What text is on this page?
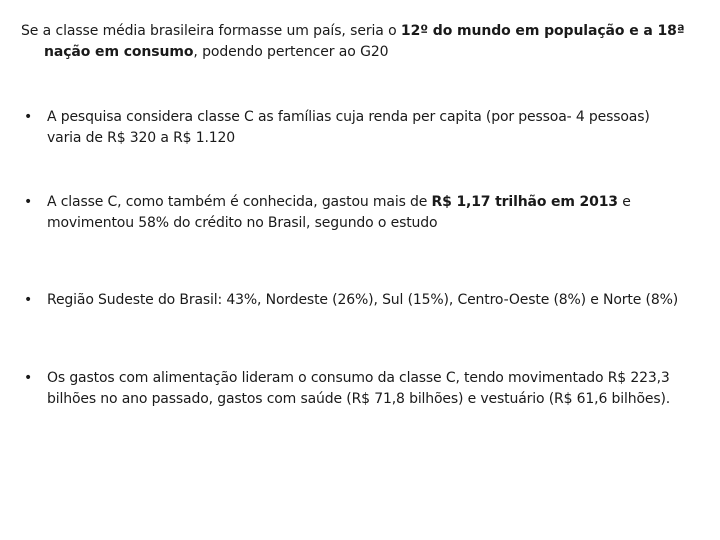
Se a classe média brasileira formasse um país, seria o 12º do mundo em população e a 18ª
nação em consumo, podendo pertencer ao G20
•	A pesquisa considera classe C as famílias cuja renda per capita (por pessoa- 4 pessoas)
varia de R$ 320 a R$ 1.120
•	A classe C, como também é conhecida, gastou mais de R$ 1,17 trilhão em 2013 e
movimentou 58% do crédito no Brasil, segundo o estudo
•	Região Sudeste do Brasil: 43%, Nordeste (26%), Sul (15%), Centro-Oeste (8%) e Norte (8%)
•	Os gastos com alimentação lideram o consumo da classe C, tendo movimentado R$ 223,3
bilhões no ano passado, gastos com saúde (R$ 71,8 bilhões) e vestuário (R$ 61,6 bilhões).
